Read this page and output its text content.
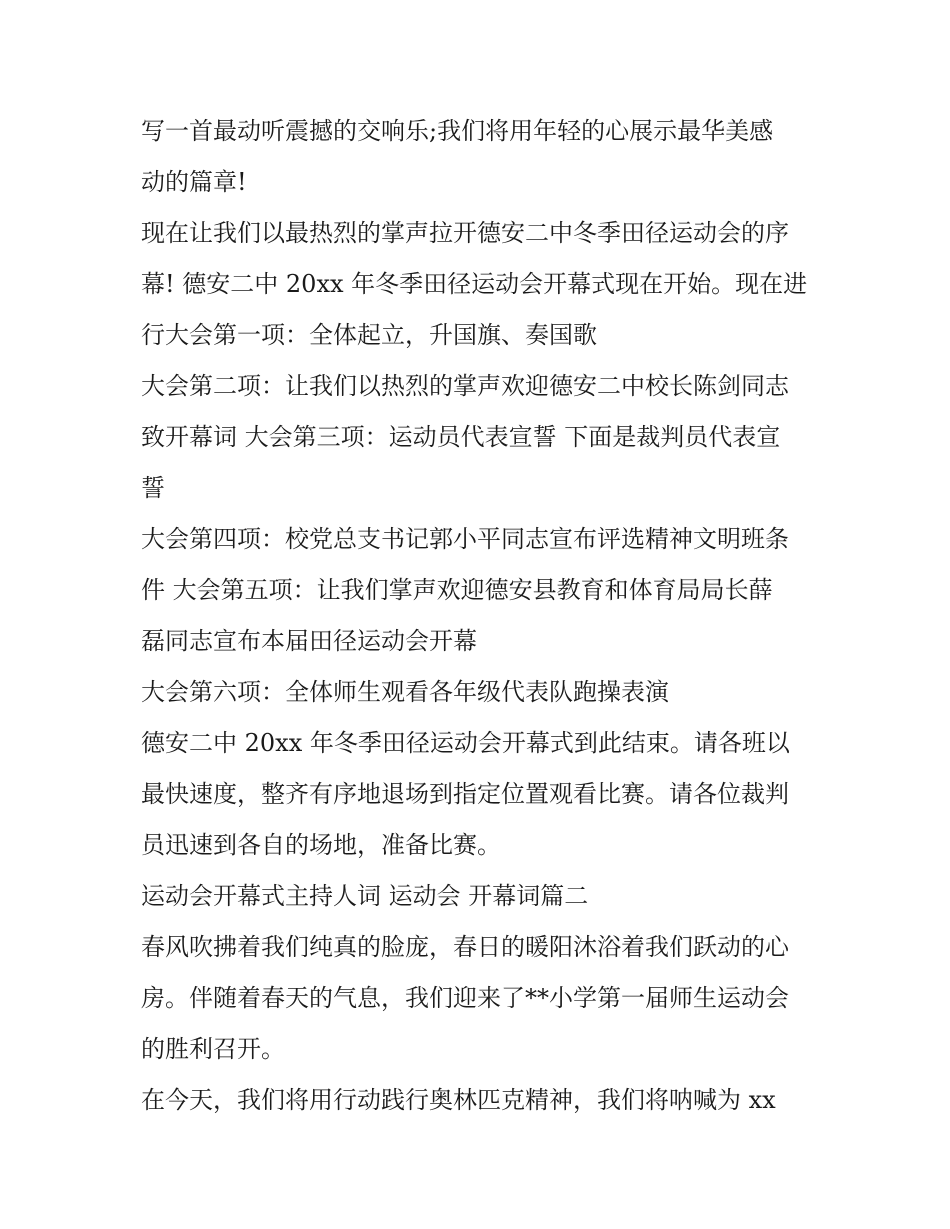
写一首最动听震撼的交响乐;我们将用年轻的心展示最华美感
动的篇章!
现在让我们以最热烈的掌声拉开德安二中冬季田径运动会的序
幕! 德安二中 20xx 年冬季田径运动会开幕式现在开始。现在进
行大会第一项：全体起立，升国旗、奏国歌
大会第二项：让我们以热烈的掌声欢迎德安二中校长陈剑同志
致开幕词 大会第三项：运动员代表宣誓 下面是裁判员代表宣
誓
大会第四项：校党总支书记郭小平同志宣布评选精神文明班条
件 大会第五项：让我们掌声欢迎德安县教育和体育局局长薛
磊同志宣布本届田径运动会开幕
大会第六项：全体师生观看各年级代表队跑操表演
德安二中 20xx 年冬季田径运动会开幕式到此结束。请各班以
最快速度，整齐有序地退场到指定位置观看比赛。请各位裁判
员迅速到各自的场地，准备比赛。
运动会开幕式主持人词 运动会 开幕词篇二
春风吹拂着我们纯真的脸庞，春日的暖阳沐浴着我们跃动的心
房。伴随着春天的气息，我们迎来了**小学第一届师生运动会
的胜利召开。
在今天，我们将用行动践行奥林匹克精神，我们将呐喊为 xx
